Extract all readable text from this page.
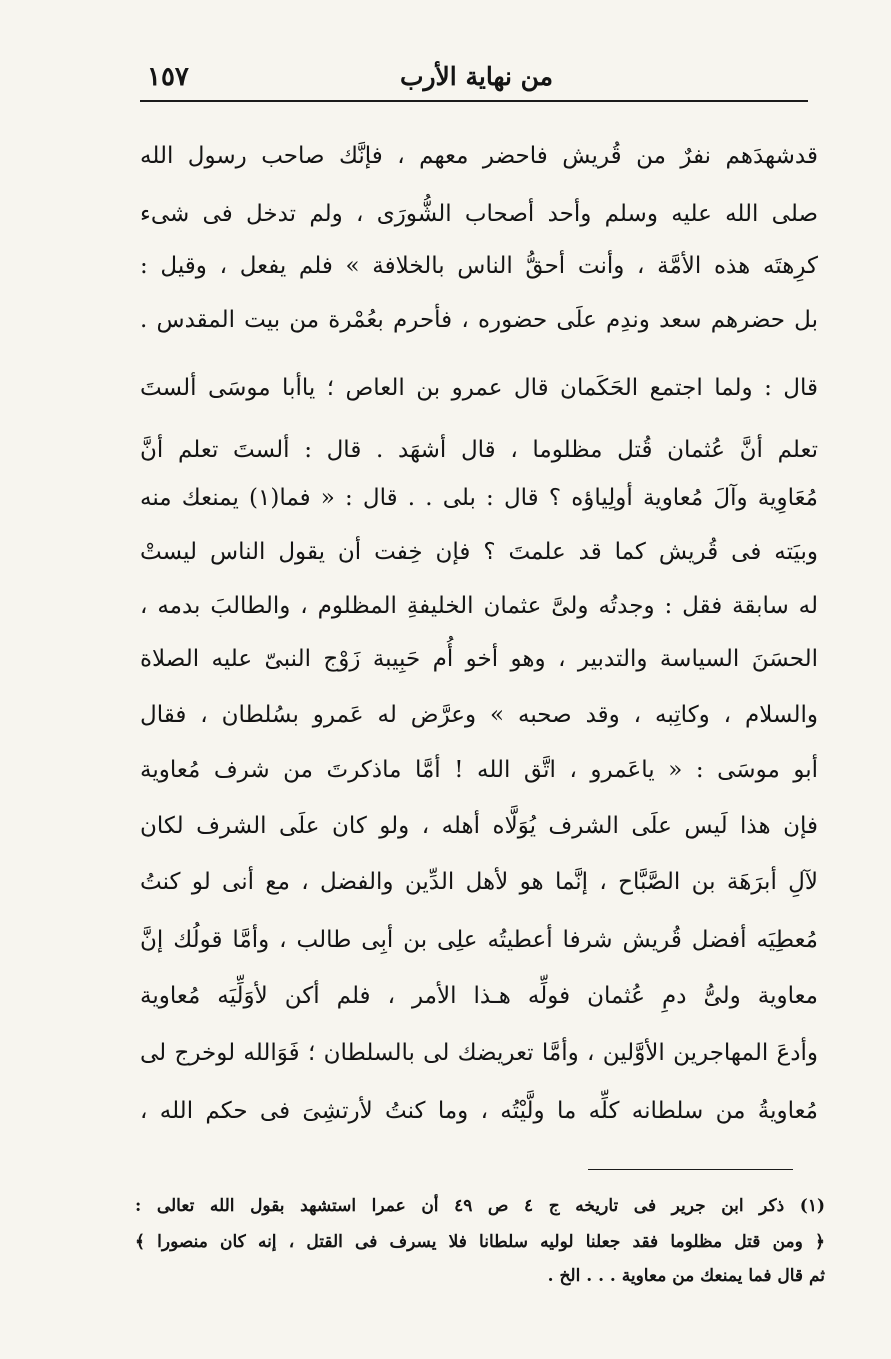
من نهاية الأرب
١٥٧
قدشهدَهم نفرٌ من قُريش فاحضر معهم ، فإنَّك صاحب رسول الله
صلى الله عليه وسلم وأحد أصحاب الشُّورَى ، ولم تدخل فى شىء
كرِهتَه هذه الأمَّة ، وأنت أحقُّ الناس بالخلافة » فلم يفعل ، وقيل :
بل حضرهم سعد وندِم علَى حضوره ، فأحرم بعُمْرة من بيت المقدس .
قال : ولما اجتمع الحَكَمان قال عمرو بن العاص ؛ ياأبا موسَى ألستَ
تعلم أنَّ عُثمان قُتل مظلوما ، قال أشهَد . قال : ألستَ تعلم أنَّ
مُعَاوِية وآلَ مُعاوية أولِياؤه ؟ قال : بلى . . قال : « فما(١) يمنعك منه
وبيَته فى قُريش كما قد علمتَ ؟ فإن خِفت أن يقول الناس ليستْ
له سابقة فقل : وجدتُه ولىَّ عثمان الخليفةِ المظلوم ، والطالبَ بدمه ،
الحسَنَ السياسة والتدبير ، وهو أخو أُم حَبِيبة زَوْج النبىّ عليه الصلاة
والسلام ، وكاتِبه ، وقد صحبه » وعرَّض له عَمرو بسُلطان ، فقال
أبو موسَى : « ياعَمرو ، اتَّق الله ! أمَّا ماذكرتَ من شرف مُعاوية
فإن هذا لَيس علَى الشرف يُوَلَّاه أهله ، ولو كان علَى الشرف لكان
لآلِ أبرَهَة بن الصَّبَّاح ، إنَّما هو لأهل الدِّين والفضل ، مع أنى لو كنتُ
مُعطِيَه أفضل قُريش شرفا أعطيتُه علِى بن أبِى طالب ، وأمَّا قولُك إنَّ
معاوية ولىُّ دمِ عُثمان فولِّه هـذا الأمر ، فلم أكن لأوَلِّيَه مُعاوية
وأدعَ المهاجرين الأوَّلين ، وأمَّا تعريضك لى بالسلطان ؛ فَوَالله لوخرج لى
مُعاويةُ من سلطانه كلِّه ما ولَّيْتُه ، وما كنتُ لأرتشِىَ فى حكم الله ،
(١) ذكر ابن جرير فى تاريخه ج ٤ ص ٤٩ أن عمرا استشهد بقول الله تعالى :
﴿ ومن قتل مظلوما فقد جعلنا لوليه سلطانا فلا يسرف فى القتل ، إنه كان منصورا ﴾
ثم قال فما يمنعك من معاوية . . . الخ .
